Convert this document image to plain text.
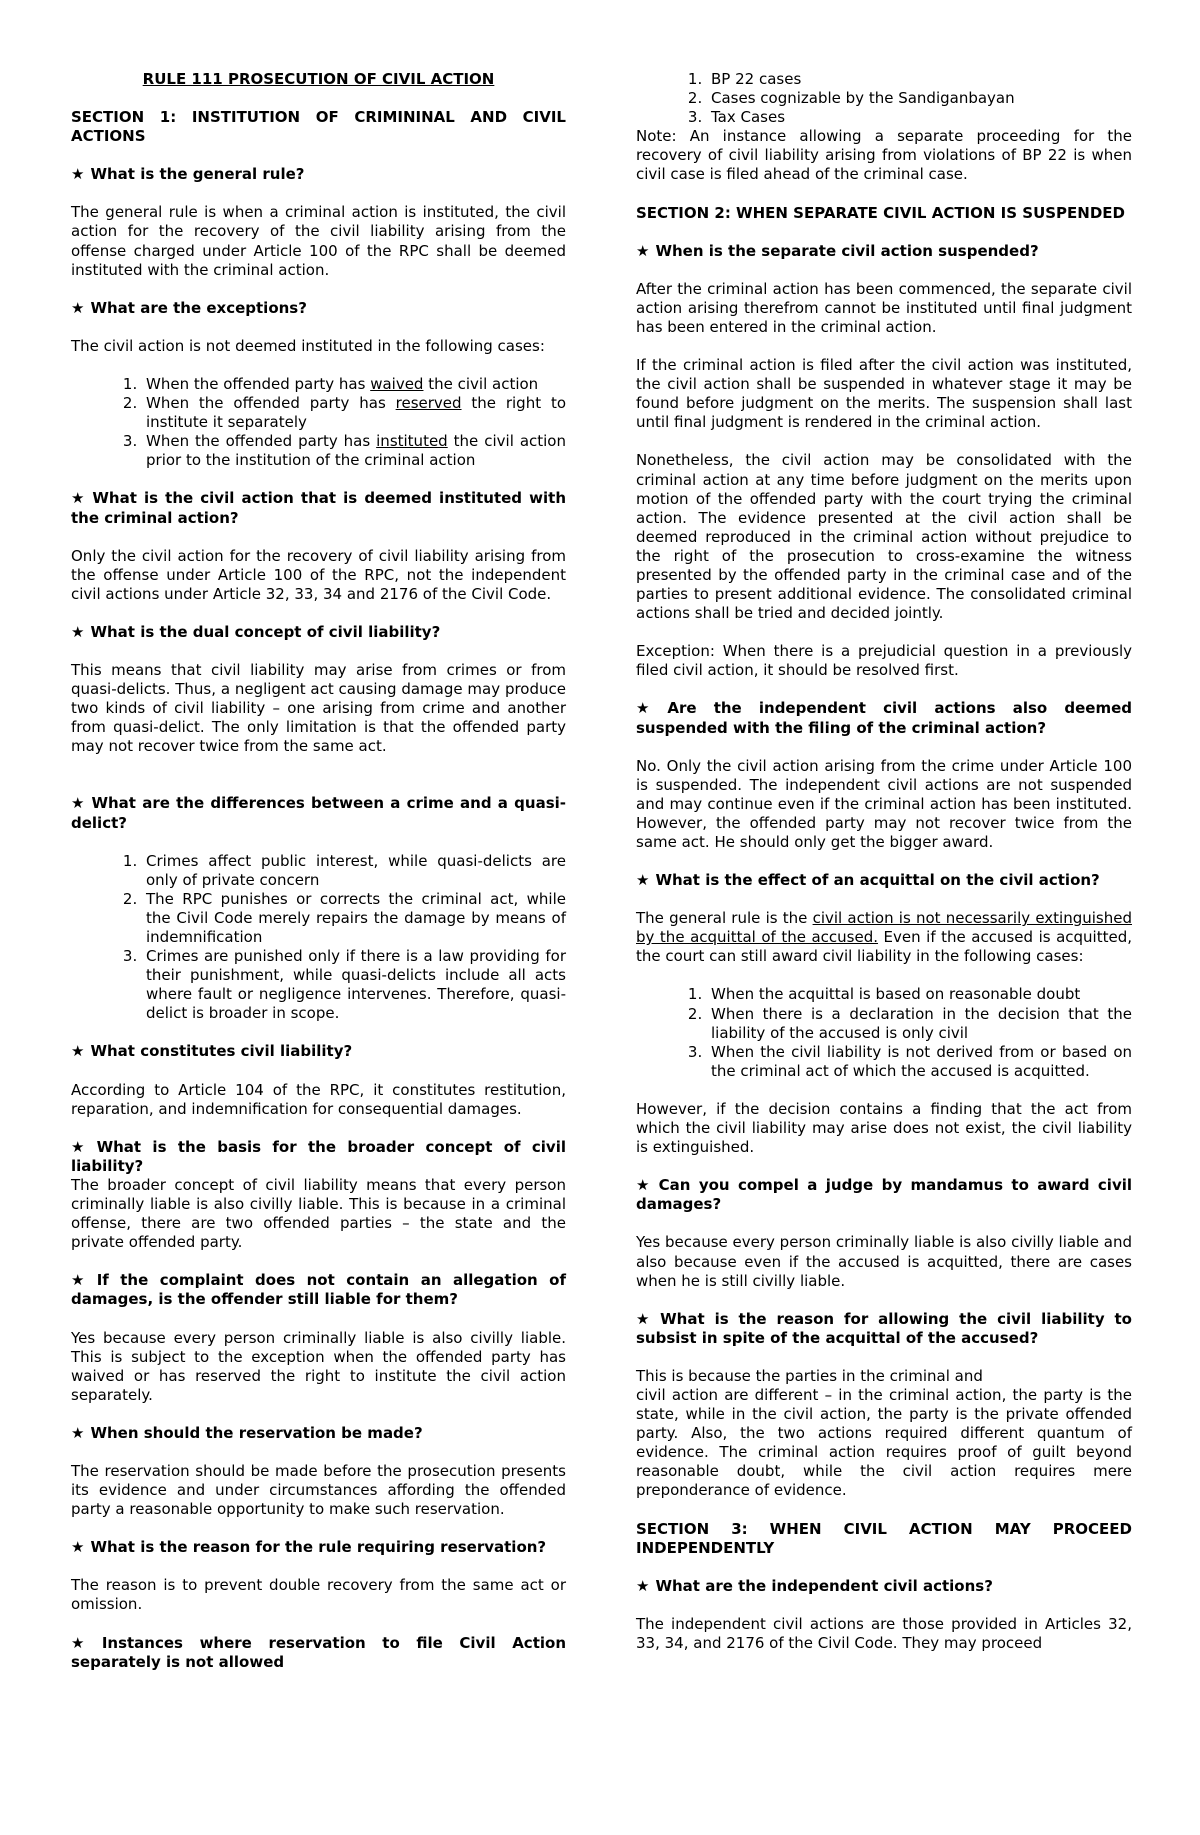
RULE 111 PROSECUTION OF CIVIL ACTION
SECTION 1: INSTITUTION OF CRIMININAL AND CIVIL ACTIONS
★ What is the general rule?

The general rule is when a criminal action is instituted, the civil action for the recovery of the civil liability arising from the offense charged under Article 100 of the RPC shall be deemed instituted with the criminal action.

★ What are the exceptions?

The civil action is not deemed instituted in the following cases:

1. When the offended party has waived the civil action
2. When the offended party has reserved the right to institute it separately
3. When the offended party has instituted the civil action prior to the institution of the criminal action
★ What is the civil action that is deemed instituted with the criminal action?

Only the civil action for the recovery of civil liability arising from the offense under Article 100 of the RPC, not the independent civil actions under Article 32, 33, 34 and 2176 of the Civil Code.

★ What is the dual concept of civil liability?

This means that civil liability may arise from crimes or from quasi-delicts. Thus, a negligent act causing damage may produce two kinds of civil liability – one arising from crime and another from quasi-delict. The only limitation is that the offended party may not recover twice from the same act.

★ What are the differences between a crime and a quasi-delict?
1. Crimes affect public interest, while quasi-delicts are only of private concern
2. The RPC punishes or corrects the criminal act, while the Civil Code merely repairs the damage by means of indemnification
3. Crimes are punished only if there is a law providing for their punishment, while quasi-delicts include all acts where fault or negligence intervenes. Therefore, quasi-delict is broader in scope.
★ What constitutes civil liability?

According to Article 104 of the RPC, it constitutes restitution, reparation, and indemnification for consequential damages.

★ What is the basis for the broader concept of civil liability?

The broader concept of civil liability means that every person criminally liable is also civilly liable. This is because in a criminal offense, there are two offended parties – the state and the private offended party.

★ If the complaint does not contain an allegation of damages, is the offender still liable for them?

Yes because every person criminally liable is also civilly liable. This is subject to the exception when the offended party has waived or has reserved the right to institute the civil action separately.

★ When should the reservation be made?

The reservation should be made before the prosecution presents its evidence and under circumstances affording the offended party a reasonable opportunity to make such reservation.

★ What is the reason for the rule requiring reservation?

The reason is to prevent double recovery from the same act or omission.

★ Instances where reservation to file Civil Action separately is not allowed
1. BP 22 cases
2. Cases cognizable by the Sandiganbayan
3. Tax Cases

Note: An instance allowing a separate proceeding for the recovery of civil liability arising from violations of BP 22 is when civil case is filed ahead of the criminal case.

SECTION 2: WHEN SEPARATE CIVIL ACTION IS SUSPENDED
★ When is the separate civil action suspended?

After the criminal action has been commenced, the separate civil action arising therefrom cannot be instituted until final judgment has been entered in the criminal action.

If the criminal action is filed after the civil action was instituted, the civil action shall be suspended in whatever stage it may be found before judgment on the merits. The suspension shall last until final judgment is rendered in the criminal action.

Nonetheless, the civil action may be consolidated with the criminal action at any time before judgment on the merits upon motion of the offended party with the court trying the criminal action. The evidence presented at the civil action shall be deemed reproduced in the criminal action without prejudice to the right of the prosecution to cross-examine the witness presented by the offended party in the criminal case and of the parties to present additional evidence. The consolidated criminal actions shall be tried and decided jointly.

Exception: When there is a prejudicial question in a previously filed civil action, it should be resolved first.

★ Are the independent civil actions also deemed suspended with the filing of the criminal action?

No. Only the civil action arising from the crime under Article 100 is suspended. The independent civil actions are not suspended and may continue even if the criminal action has been instituted. However, the offended party may not recover twice from the same act. He should only get the bigger award.

★ What is the effect of an acquittal on the civil action?

The general rule is the civil action is not necessarily extinguished by the acquittal of the accused. Even if the accused is acquitted, the court can still award civil liability in the following cases:

1. When the acquittal is based on reasonable doubt
2. When there is a declaration in the decision that the liability of the accused is only civil
3. When the civil liability is not derived from or based on the criminal act of which the accused is acquitted.

However, if the decision contains a finding that the act from which the civil liability may arise does not exist, the civil liability is extinguished.

★ Can you compel a judge by mandamus to award civil damages?

Yes because every person criminally liable is also civilly liable and also because even if the accused is acquitted, there are cases when he is still civilly liable.

★ What is the reason for allowing the civil liability to subsist in spite of the acquittal of the accused?

This is because the parties in the criminal and
civil action are different – in the criminal action, the party is the state, while in the civil action, the party is the private offended party. Also, the two actions required different quantum of evidence. The criminal action requires proof of guilt beyond reasonable doubt, while the civil action requires mere preponderance of evidence.

SECTION 3: WHEN CIVIL ACTION MAY PROCEED INDEPENDENTLY
★ What are the independent civil actions?

The independent civil actions are those provided in Articles 32, 33, 34, and 2176 of the Civil Code. They may proceed
